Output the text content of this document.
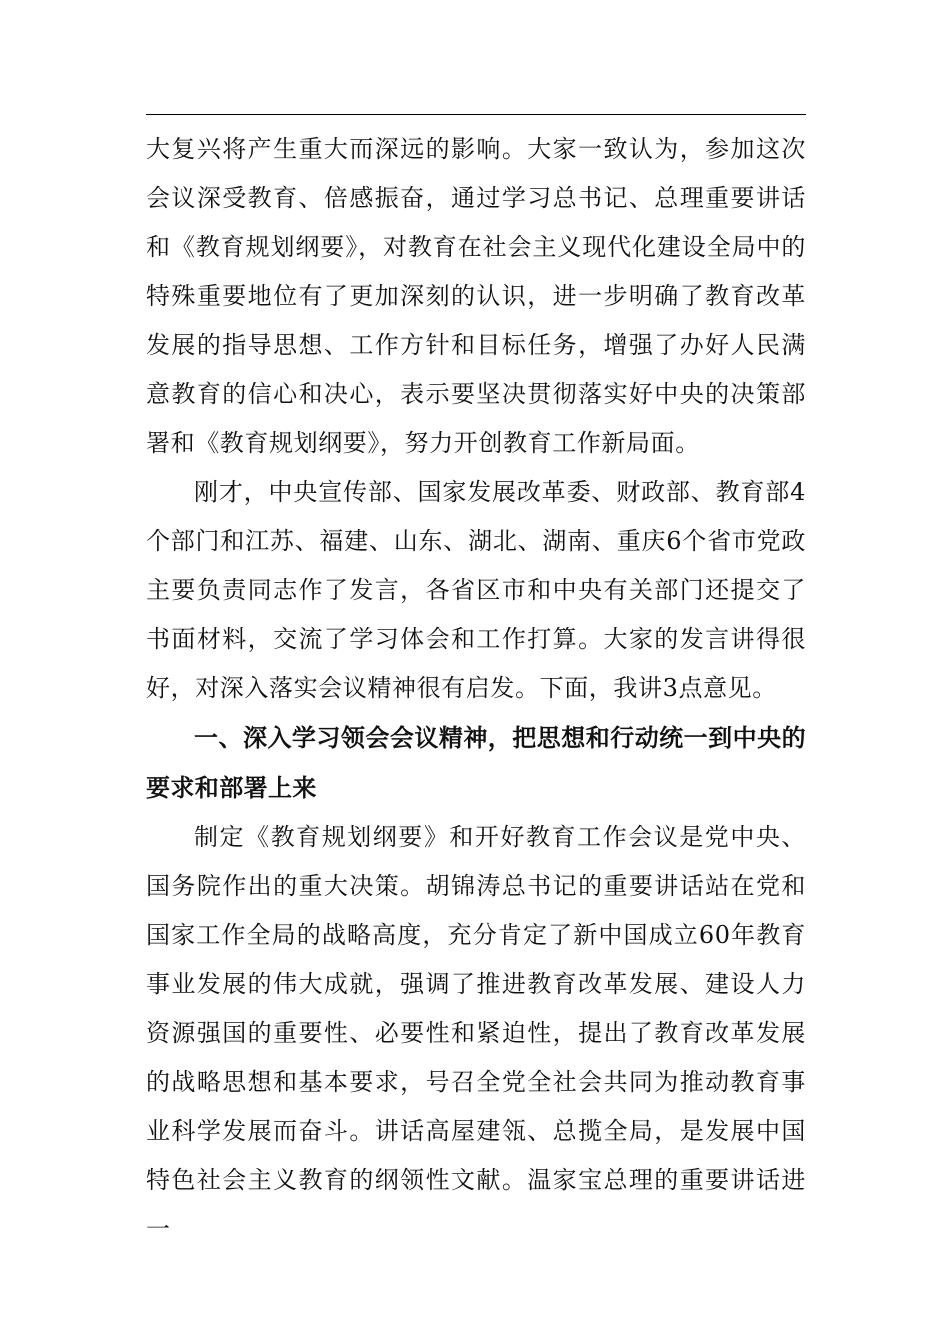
大复兴将产生重大而深远的影响。大家一致认为，参加这次会议深受教育、倍感振奋，通过学习总书记、总理重要讲话和《教育规划纲要》，对教育在社会主义现代化建设全局中的特殊重要地位有了更加深刻的认识，进一步明确了教育改革发展的指导思想、工作方针和目标任务，增强了办好人民满意教育的信心和决心，表示要坚决贯彻落实好中央的决策部署和《教育规划纲要》，努力开创教育工作新局面。

刚才，中央宣传部、国家发展改革委、财政部、教育部4个部门和江苏、福建、山东、湖北、湖南、重庆6个省市党政主要负责同志作了发言，各省区市和中央有关部门还提交了书面材料，交流了学习体会和工作打算。大家的发言讲得很好，对深入落实会议精神很有启发。下面，我讲3点意见。

一、深入学习领会会议精神，把思想和行动统一到中央的要求和部署上来

制定《教育规划纲要》和开好教育工作会议是党中央、国务院作出的重大决策。胡锦涛总书记的重要讲话站在党和国家工作全局的战略高度，充分肯定了新中国成立60年教育事业发展的伟大成就，强调了推进教育改革发展、建设人力资源强国的重要性、必要性和紧迫性，提出了教育改革发展的战略思想和基本要求，号召全党全社会共同为推动教育事业科学发展而奋斗。讲话高屋建瓴、总揽全局，是发展中国特色社会主义教育的纲领性文献。温家宝总理的重要讲话进一
